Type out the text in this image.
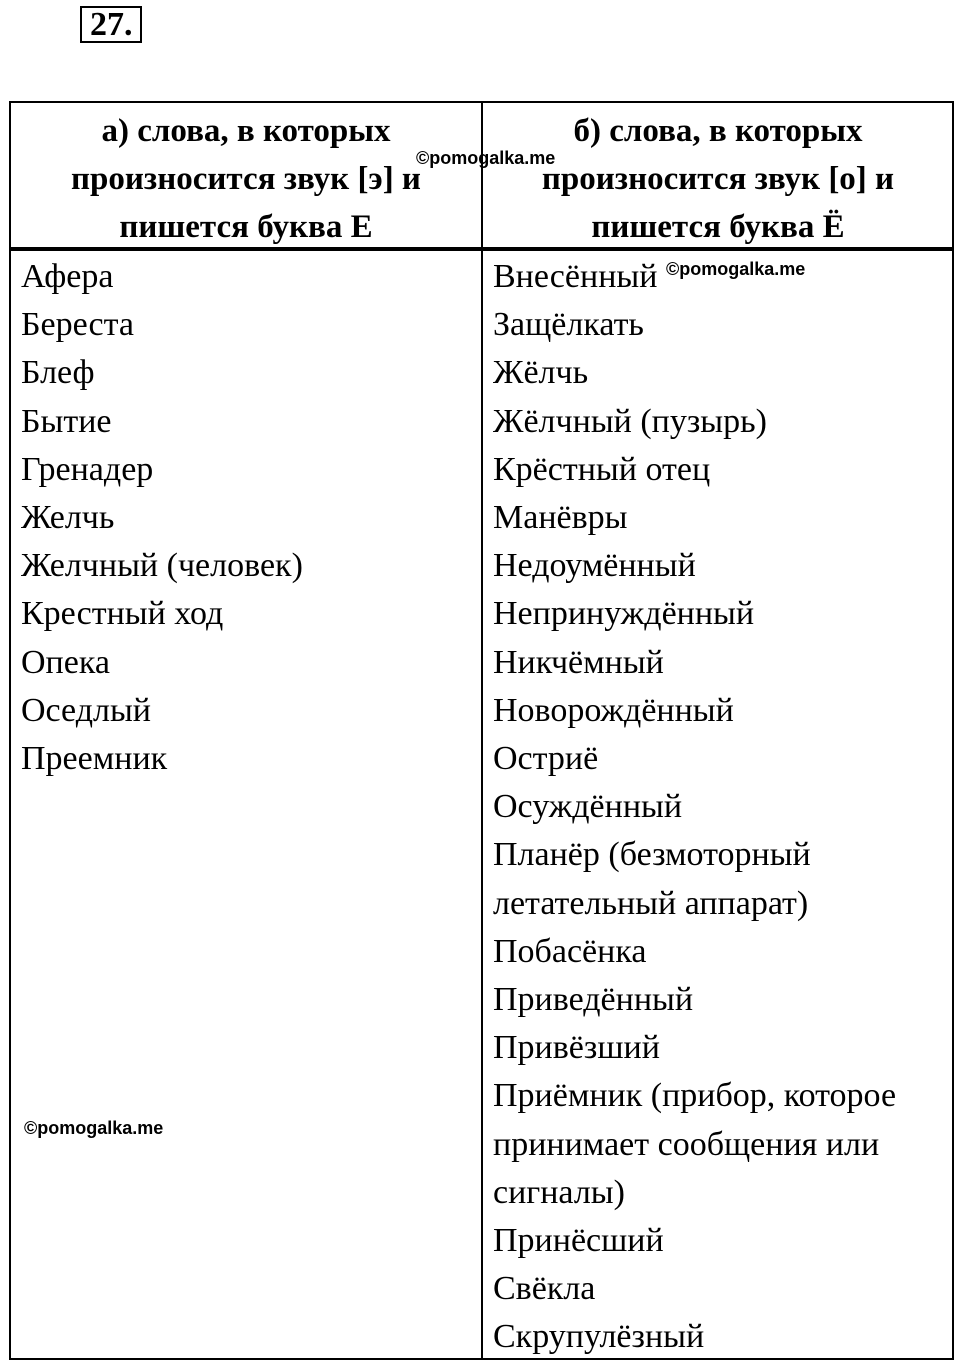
27.
а) слова, в которых
произносится звук [э] и
пишется буква Е
б) слова, в которых
произносится звук [о] и
пишется буква Ё
Афера
Береста
Блеф
Бытие
Гренадер
Желчь
Желчный (человек)
Крестный ход
Опека
Оседлый
Преемник
Внесённый
Защёлкать
Жёлчь
Жёлчный (пузырь)
Крёстный отец
Манёвры
Недоумённый
Непринуждённый
Никчёмный
Новорождённый
Остриё
Осуждённый
Планёр (безмоторный
летательный аппарат)
Побасёнка
Приведённый
Привёзший
Приёмник (прибор, которое
принимает сообщения или
сигналы)
Принёсший
Свёкла
Скрупулёзный
©pomogalka.me
©pomogalka.me
©pomogalka.me
